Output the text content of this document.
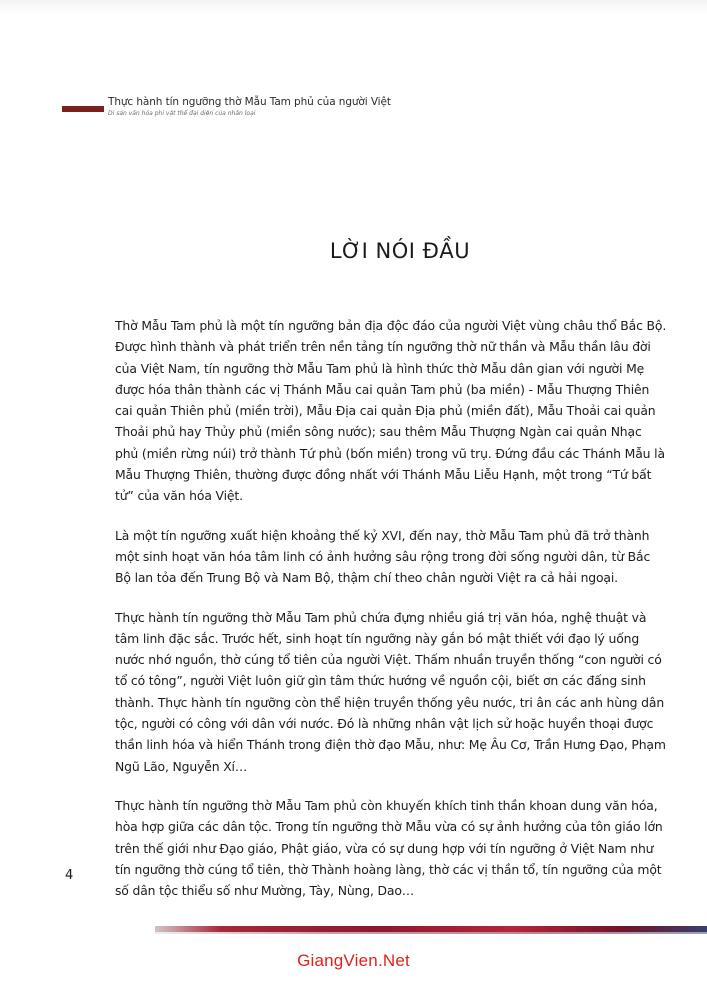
Thực hành tín ngưỡng thờ Mẫu Tam phủ của người Việt
Di sản văn hóa phi vật thể đại diện của nhân loại
LỜI NÓI ĐẦU

Thờ Mẫu Tam phủ là một tín ngưỡng bản địa độc đáo của người Việt vùng châu thổ Bắc Bộ.
Được hình thành và phát triển trên nền tảng tín ngưỡng thờ nữ thần và Mẫu thần lâu đời
của Việt Nam, tín ngưỡng thờ Mẫu Tam phủ là hình thức thờ Mẫu dân gian với người Mẹ
được hóa thân thành các vị Thánh Mẫu cai quản Tam phủ (ba miền) - Mẫu Thượng Thiên
cai quản Thiên phủ (miền trời), Mẫu Địa cai quản Địa phủ (miền đất), Mẫu Thoải cai quản
Thoải phủ hay Thủy phủ (miền sông nước); sau thêm Mẫu Thượng Ngàn cai quản Nhạc
phủ (miền rừng núi) trở thành Tứ phủ (bốn miền) trong vũ trụ. Đứng đầu các Thánh Mẫu là
Mẫu Thượng Thiên, thường được đồng nhất với Thánh Mẫu Liễu Hạnh, một trong “Tứ bất
tử” của văn hóa Việt.

Là một tín ngưỡng xuất hiện khoảng thế kỷ XVI, đến nay, thờ Mẫu Tam phủ đã trở thành
một sinh hoạt văn hóa tâm linh có ảnh hưởng sâu rộng trong đời sống người dân, từ Bắc
Bộ lan tỏa đến Trung Bộ và Nam Bộ, thậm chí theo chân người Việt ra cả hải ngoại.

Thực hành tín ngưỡng thờ Mẫu Tam phủ chứa đựng nhiều giá trị văn hóa, nghệ thuật và
tâm linh đặc sắc. Trước hết, sinh hoạt tín ngưỡng này gắn bó mật thiết với đạo lý uống
nước nhớ nguồn, thờ cúng tổ tiên của người Việt. Thấm nhuần truyền thống “con người có
tổ có tông”, người Việt luôn giữ gìn tâm thức hướng về nguồn cội, biết ơn các đấng sinh
thành. Thực hành tín ngưỡng còn thể hiện truyền thống yêu nước, tri ân các anh hùng dân
tộc, người có công với dân với nước. Đó là những nhân vật lịch sử hoặc huyền thoại được
thần linh hóa và hiển Thánh trong điện thờ đạo Mẫu, như: Mẹ Âu Cơ, Trần Hưng Đạo, Phạm
Ngũ Lão, Nguyễn Xí…

Thực hành tín ngưỡng thờ Mẫu Tam phủ còn khuyến khích tinh thần khoan dung văn hóa,
hòa hợp giữa các dân tộc. Trong tín ngưỡng thờ Mẫu vừa có sự ảnh hưởng của tôn giáo lớn
trên thế giới như Đạo giáo, Phật giáo, vừa có sự dung hợp với tín ngưỡng ở Việt Nam như
tín ngưỡng thờ cúng tổ tiên, thờ Thành hoàng làng, thờ các vị thần tổ, tín ngưỡng của một
số dân tộc thiểu số như Mường, Tày, Nùng, Dao…

4
GiangVien.Net
